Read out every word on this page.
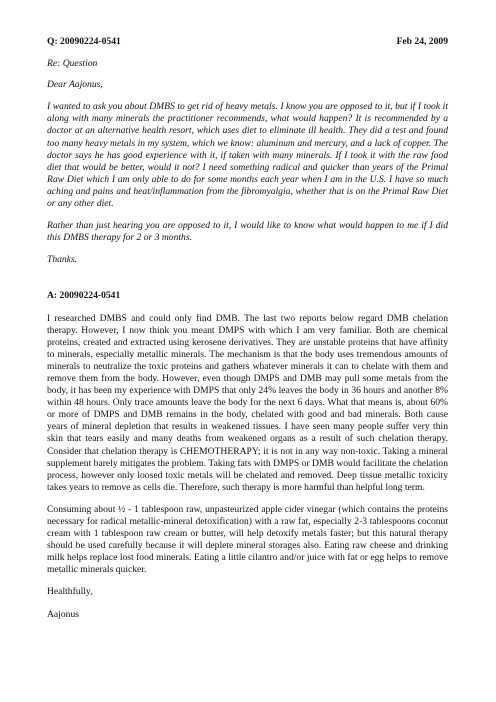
Q: 20090224-0541	Feb 24, 2009

Re: Question

Dear Aajonus,

I wanted to ask you about DMBS to get rid of heavy metals. I know you are opposed to it, but if I took it along with many minerals the practitioner recommends, what would happen? It is recommended by a doctor at an alternative health resort, which uses diet to eliminate ill health. They did a test and found too many heavy metals in my system, which we know: aluminum and mercury, and a lack of copper. The doctor says he has good experience with it, if taken with many minerals. If I took it with the raw food diet that would be better, would it not? I need something radical and quicker than years of the Primal Raw Diet which I am only able to do for some months each year when I am in the U.S. I have so much aching and pains and heat/inflammation from the fibromyalgia, whether that is on the Primal Raw Diet or any other diet.

Rather than just hearing you are opposed to it, I would like to know what would happen to me if I did this DMBS therapy for 2 or 3 months.

Thanks.

A: 20090224-0541

I researched DMBS and could only find DMB. The last two reports below regard DMB chelation therapy. However, I now think you meant DMPS with which I am very familiar. Both are chemical proteins, created and extracted using kerosene derivatives. They are unstable proteins that have affinity to minerals, especially metallic minerals. The mechanism is that the body uses tremendous amounts of minerals to neutralize the toxic proteins and gathers whatever minerals it can to chelate with them and remove them from the body. However, even though DMPS and DMB may pull some metals from the body, it has been my experience with DMPS that only 24% leaves the body in 36 hours and another 8% within 48 hours. Only trace amounts leave the body for the next 6 days. What that means is, about 60% or more of DMPS and DMB remains in the body, chelated with good and bad minerals. Both cause years of mineral depletion that results in weakened tissues. I have seen many people suffer very thin skin that tears easily and many deaths from weakened organs as a result of such chelation therapy. Consider that chelation therapy is CHEMOTHERAPY; it is not in any way non-toxic. Taking a mineral supplement barely mitigates the problem. Taking fats with DMPS or DMB would facilitate the chelation process, however only loosed toxic metals will be chelated and removed. Deep tissue metallic toxicity takes years to remove as cells die. Therefore, such therapy is more harmful than helpful long term.

Consuming about ½ - 1 tablespoon raw, unpasteurized apple cider vinegar (which contains the proteins necessary for radical metallic-mineral detoxification) with a raw fat, especially 2-3 tablespoons coconut cream with 1 tablespoon raw cream or butter, will help detoxify metals faster; but this natural therapy should be used carefully because it will deplete mineral storages also. Eating raw cheese and drinking milk helps replace lost food minerals. Eating a little cilantro and/or juice with fat or egg helps to remove metallic minerals quicker.

Healthfully,

Aajonus
